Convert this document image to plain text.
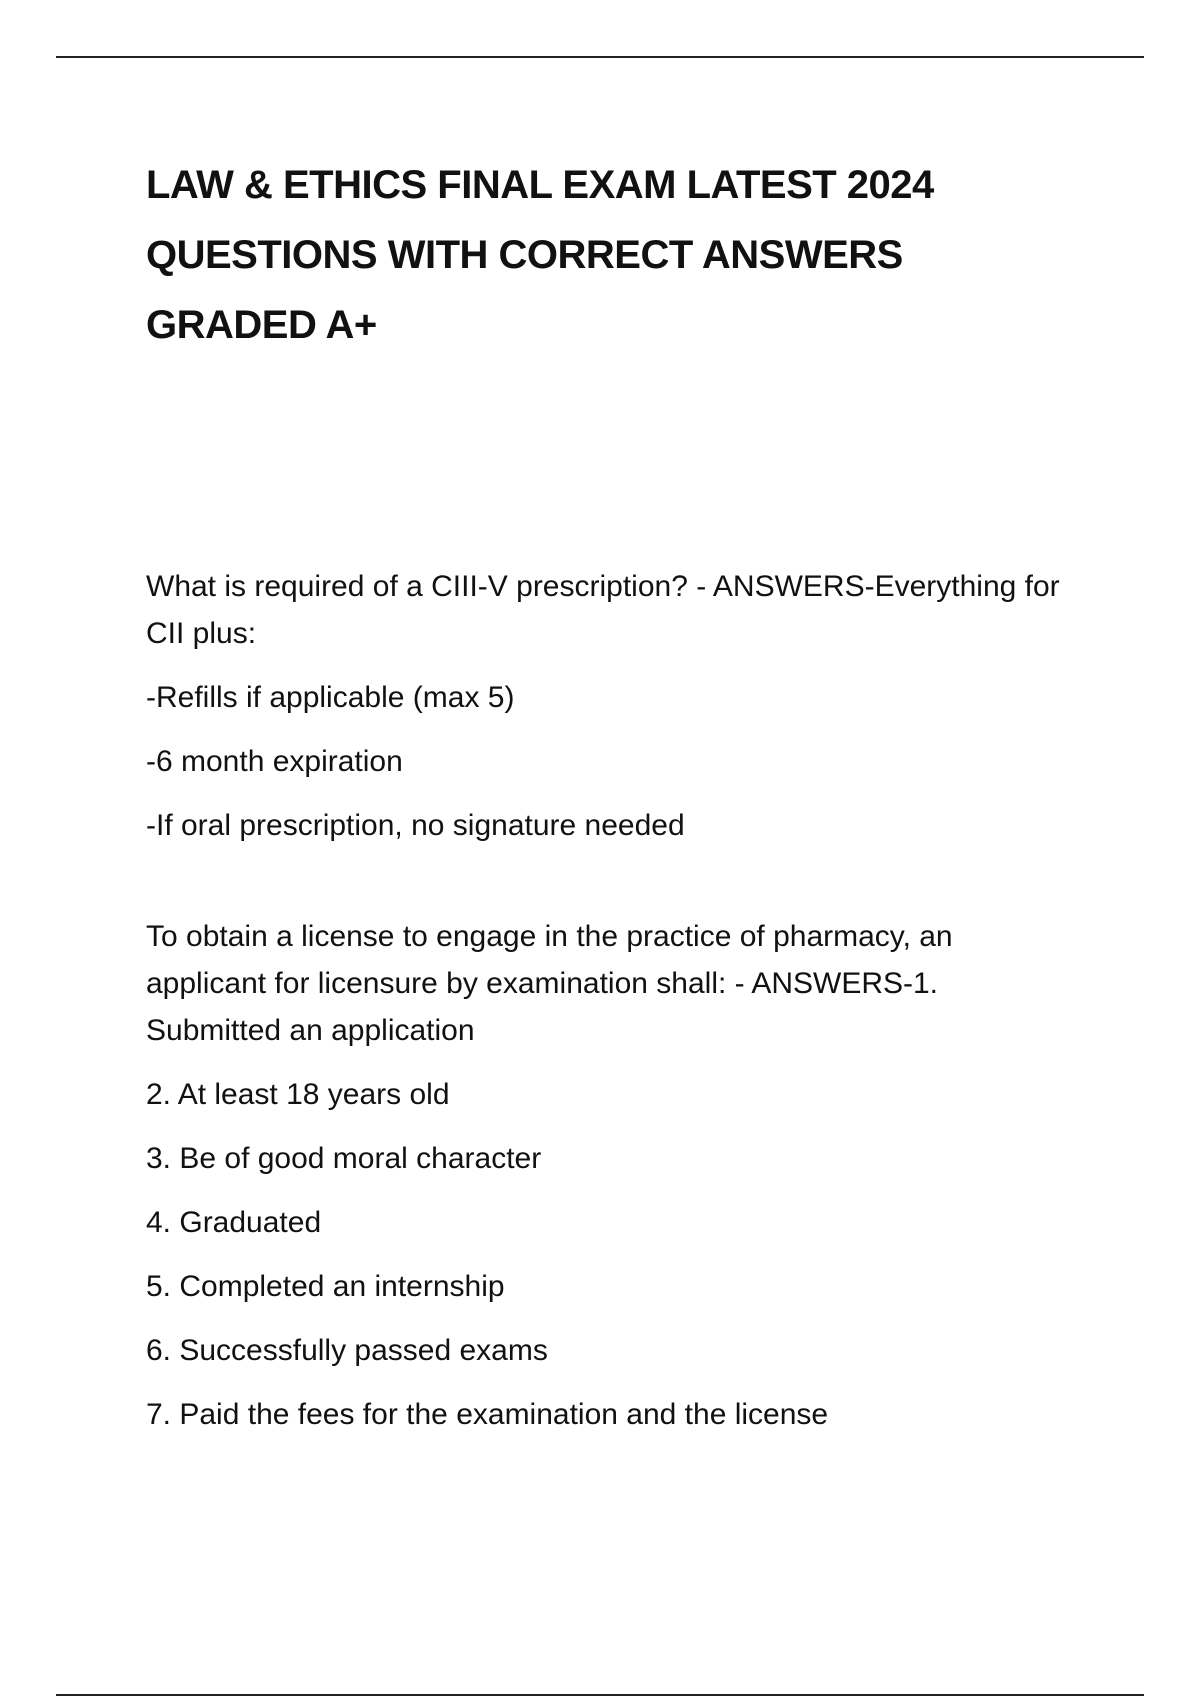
LAW & ETHICS FINAL EXAM LATEST 2024
QUESTIONS WITH CORRECT ANSWERS
GRADED A+

What is required of a CIII-V prescription? - ANSWERS-Everything for CII plus:

-Refills if applicable (max 5)

-6 month expiration

-If oral prescription, no signature needed

To obtain a license to engage in the practice of pharmacy, an applicant for licensure by examination shall: - ANSWERS-1. Submitted an application

2. At least 18 years old

3. Be of good moral character

4. Graduated

5. Completed an internship

6. Successfully passed exams

7. Paid the fees for the examination and the license
